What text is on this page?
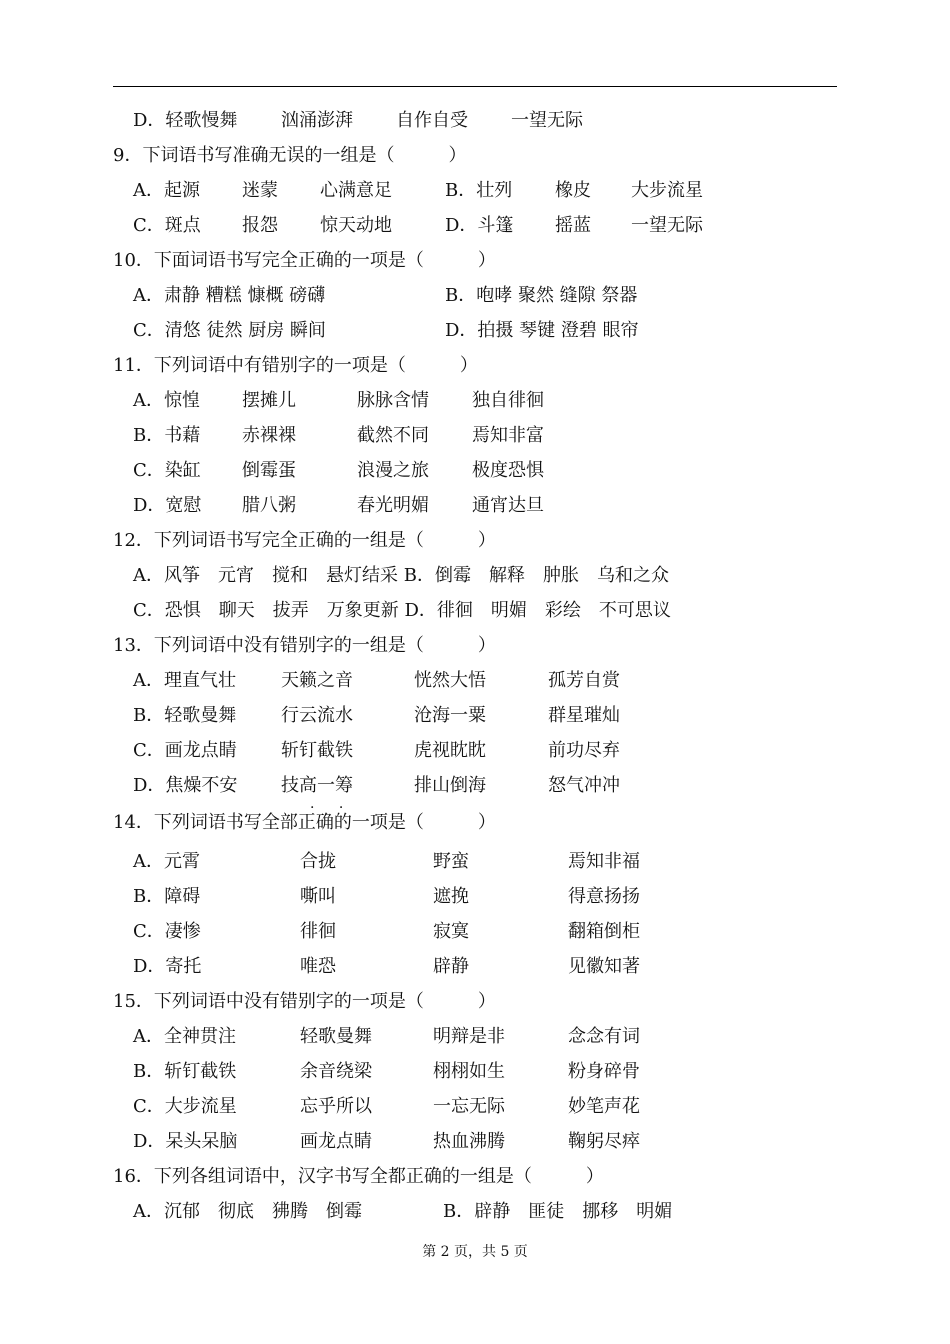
D．轻歌慢舞 汹涌澎湃 自作自受 一望无际
9．下词语书写准确无误的一组是（　　　）
A．起源 迷蒙 心满意足	B．壮列 橡皮 大步流星
C．斑点 报怨 惊天动地	D．斗篷 摇蓝 一望无际
10．下面词语书写完全正确的一项是（　　　）
A．肃静 糟糕 慷概 磅礴	B．咆哮 聚然 缝隙 祭器
C．清悠 徒然 厨房 瞬间	D．拍摄 琴键 澄碧 眼帘
11．下列词语中有错别字的一项是（　　　）
A．惊惶 摆摊儿	脉脉含情 独自徘徊
B．书藉 赤裸裸	截然不同 焉知非富
C．染缸 倒霉蛋	浪漫之旅 极度恐惧
D．宽慰 腊八粥	春光明媚 通宵达旦
12．下列词语书写完全正确的一组是（　　　）
A．风筝　元宵　搅和　悬灯结采 B．倒霉　解释　肿胀　乌和之众
C．恐惧　聊天　拔弄　万象更新 D．徘徊　明媚　彩绘　不可思议
13．下列词语中没有错别字的一组是（　　　）
A．理直气壮	天籁之音	恍然大悟	孤芳自赏
B．轻歌曼舞 行云流水	沧海一粟	群星璀灿
C．画龙点睛 斩钉截铁	虎视眈眈	前功尽弃
D．焦燥不安 技高一筹	排山倒海	怒气冲冲
14．下列词语书写全部正确的一项是（　　　）
A．元霄	合拢	野蛮	焉知非福
B．障碍	嘶叫	遮挽	得意扬扬
C．凄惨	徘徊	寂寞	翻箱倒柜
D．寄托	唯恐	辟静	见徽知著
15．下列词语中没有错别字的一项是（　　　）
A．全神贯注	轻歌曼舞	明辩是非	念念有词
B．斩钉截铁	余音绕梁	栩栩如生	粉身碎骨
C．大步流星	忘乎所以	一忘无际	妙笔声花
D．呆头呆脑	画龙点睛	热血沸腾	鞠躬尽瘁
16．下列各组词语中，汉字书写全都正确的一组是（　　　）
A．沉郁　彻底　狒腾　倒霉	B．辟静　匪徒　挪移　明媚
· ·
第 2 页，共 5 页
